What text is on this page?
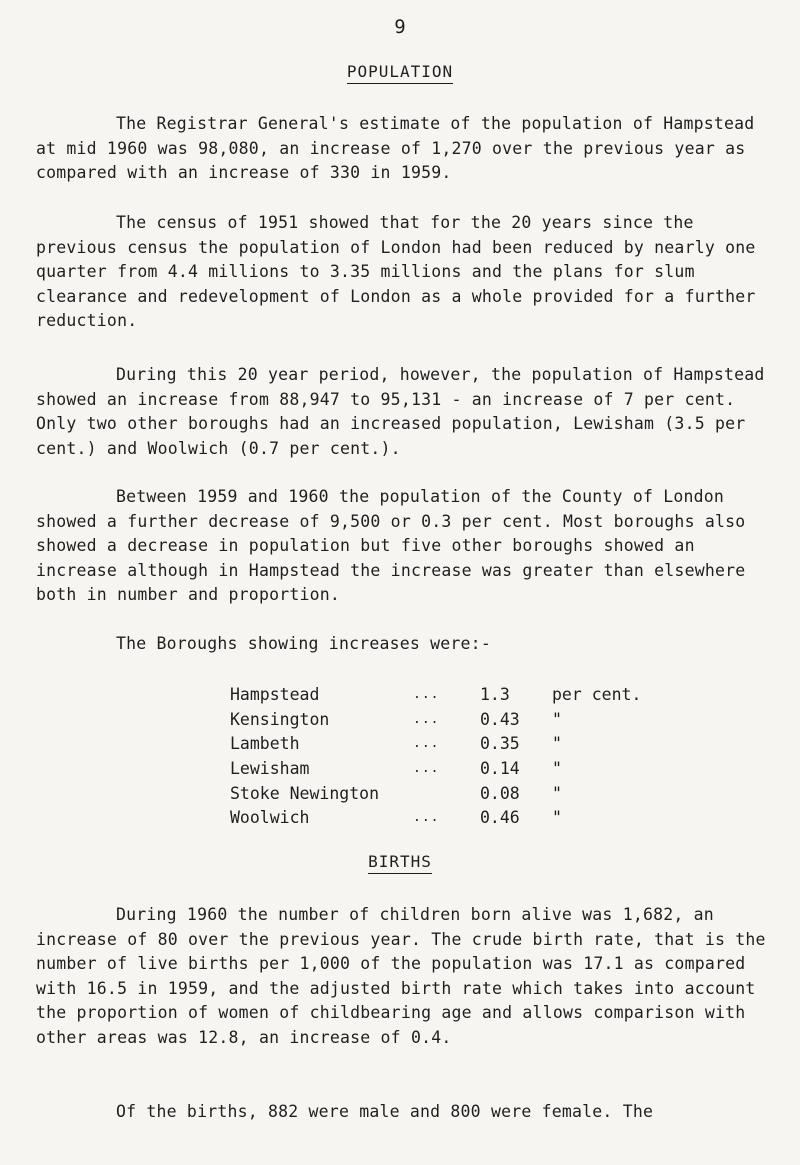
9
POPULATION

The Registrar General's estimate of the population of Hampstead at mid 1960 was 98,080, an increase of 1,270 over the previous year as compared with an increase of 330 in 1959.

The census of 1951 showed that for the 20 years since the previous census the population of London had been reduced by nearly one quarter from 4.4 millions to 3.35 millions and the plans for slum clearance and redevelopment of London as a whole provided for a further reduction.

During this 20 year period, however, the population of Hampstead showed an increase from 88,947 to 95,131 - an increase of 7 per cent. Only two other boroughs had an increased population, Lewisham (3.5 per cent.) and Woolwich (0.7 per cent.).

Between 1959 and 1960 the population of the County of London showed a further decrease of 9,500 or 0.3 per cent. Most boroughs also showed a decrease in population but five other boroughs showed an increase although in Hampstead the increase was greater than elsewhere both in number and proportion.

The Boroughs showing increases were:-

Hampstead	... 1.3	per cent.
Kensington	... 0.43 "
Lambeth	... 0.35 "
Lewisham	... 0.14 "
Stoke Newington	0.08 "
Woolwich	... 0.46 "
BIRTHS

During 1960 the number of children born alive was 1,682, an increase of 80 over the previous year. The crude birth rate, that is the number of live births per 1,000 of the population was 17.1 as compared with 16.5 in 1959, and the adjusted birth rate which takes into account the proportion of women of childbearing age and allows comparison with other areas was 12.8, an increase of 0.4.

Of the births, 882 were male and 800 were female. The
